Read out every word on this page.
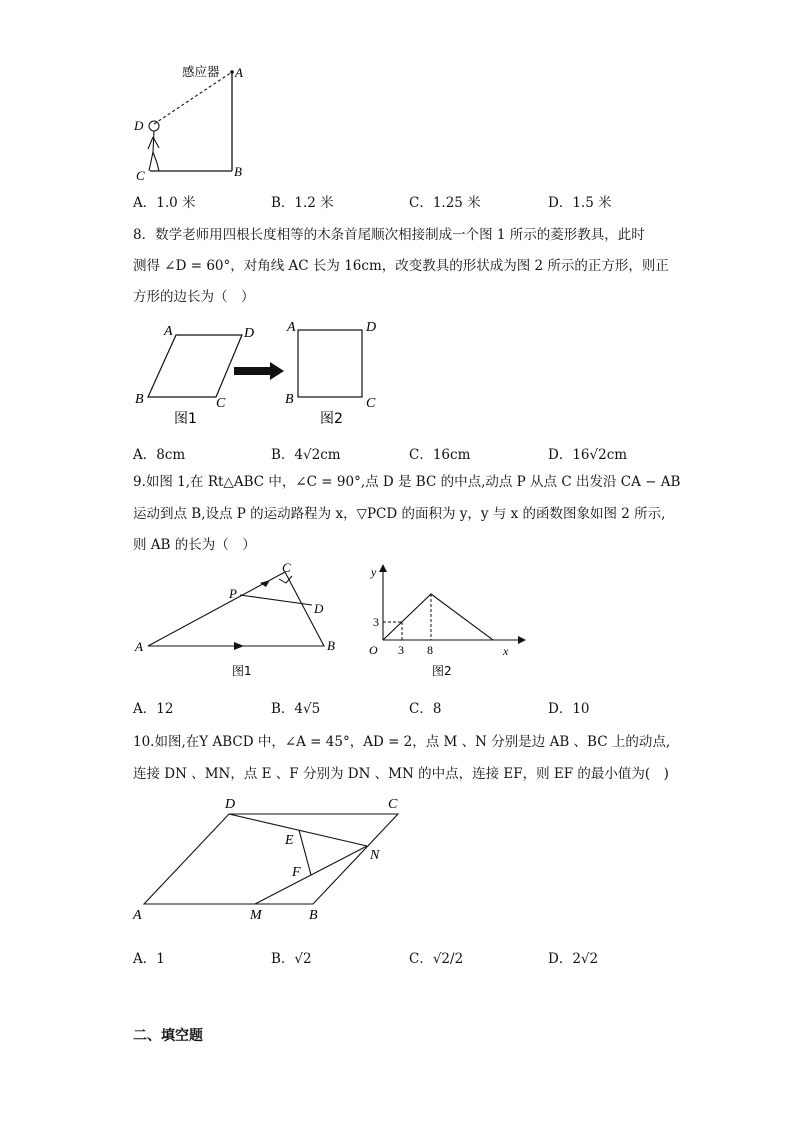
感应器 A
B
C
D
A．1.0 米	B．1.2 米	C．1.25 米	D．1.5 米
8．数学老师用四根长度相等的木条首尾顺次相接制成一个图 1 所示的菱形教具，此时
测得 ∠D = 60°，对角线 AC 长为 16cm，改变教具的形状成为图 2 所示的正方形，则正
方形的边长为（　）
A	D
B	C
A	D
B	C
图1	图2
A．8cm	B．4√2cm	C．16cm	D．16√2cm
9.如图 1,在 Rt△ABC 中，∠C = 90°,点 D 是 BC 的中点,动点 P 从点 C 出发沿 CA − AB
运动到点 B,设点 P 的运动路程为 x，▽PCD 的面积为 y，y 与 x 的函数图象如图 2 所示,
则 AB 的长为（　）
A	B
C
D
P
图1
y
x
O
3
3 8
图2
A．12	B．4√5	C．8	D．10
10.如图,在Y ABCD 中，∠A = 45°，AD = 2，点 M 、N 分别是边 AB 、BC 上的动点,
连接 DN 、MN，点 E 、F 分别为 DN 、MN 的中点，连接 EF，则 EF 的最小值为(　)
A	M	B
D	C
N
E
F
A．1	B．√2	C．√2/2	D．2√2
二、填空题
